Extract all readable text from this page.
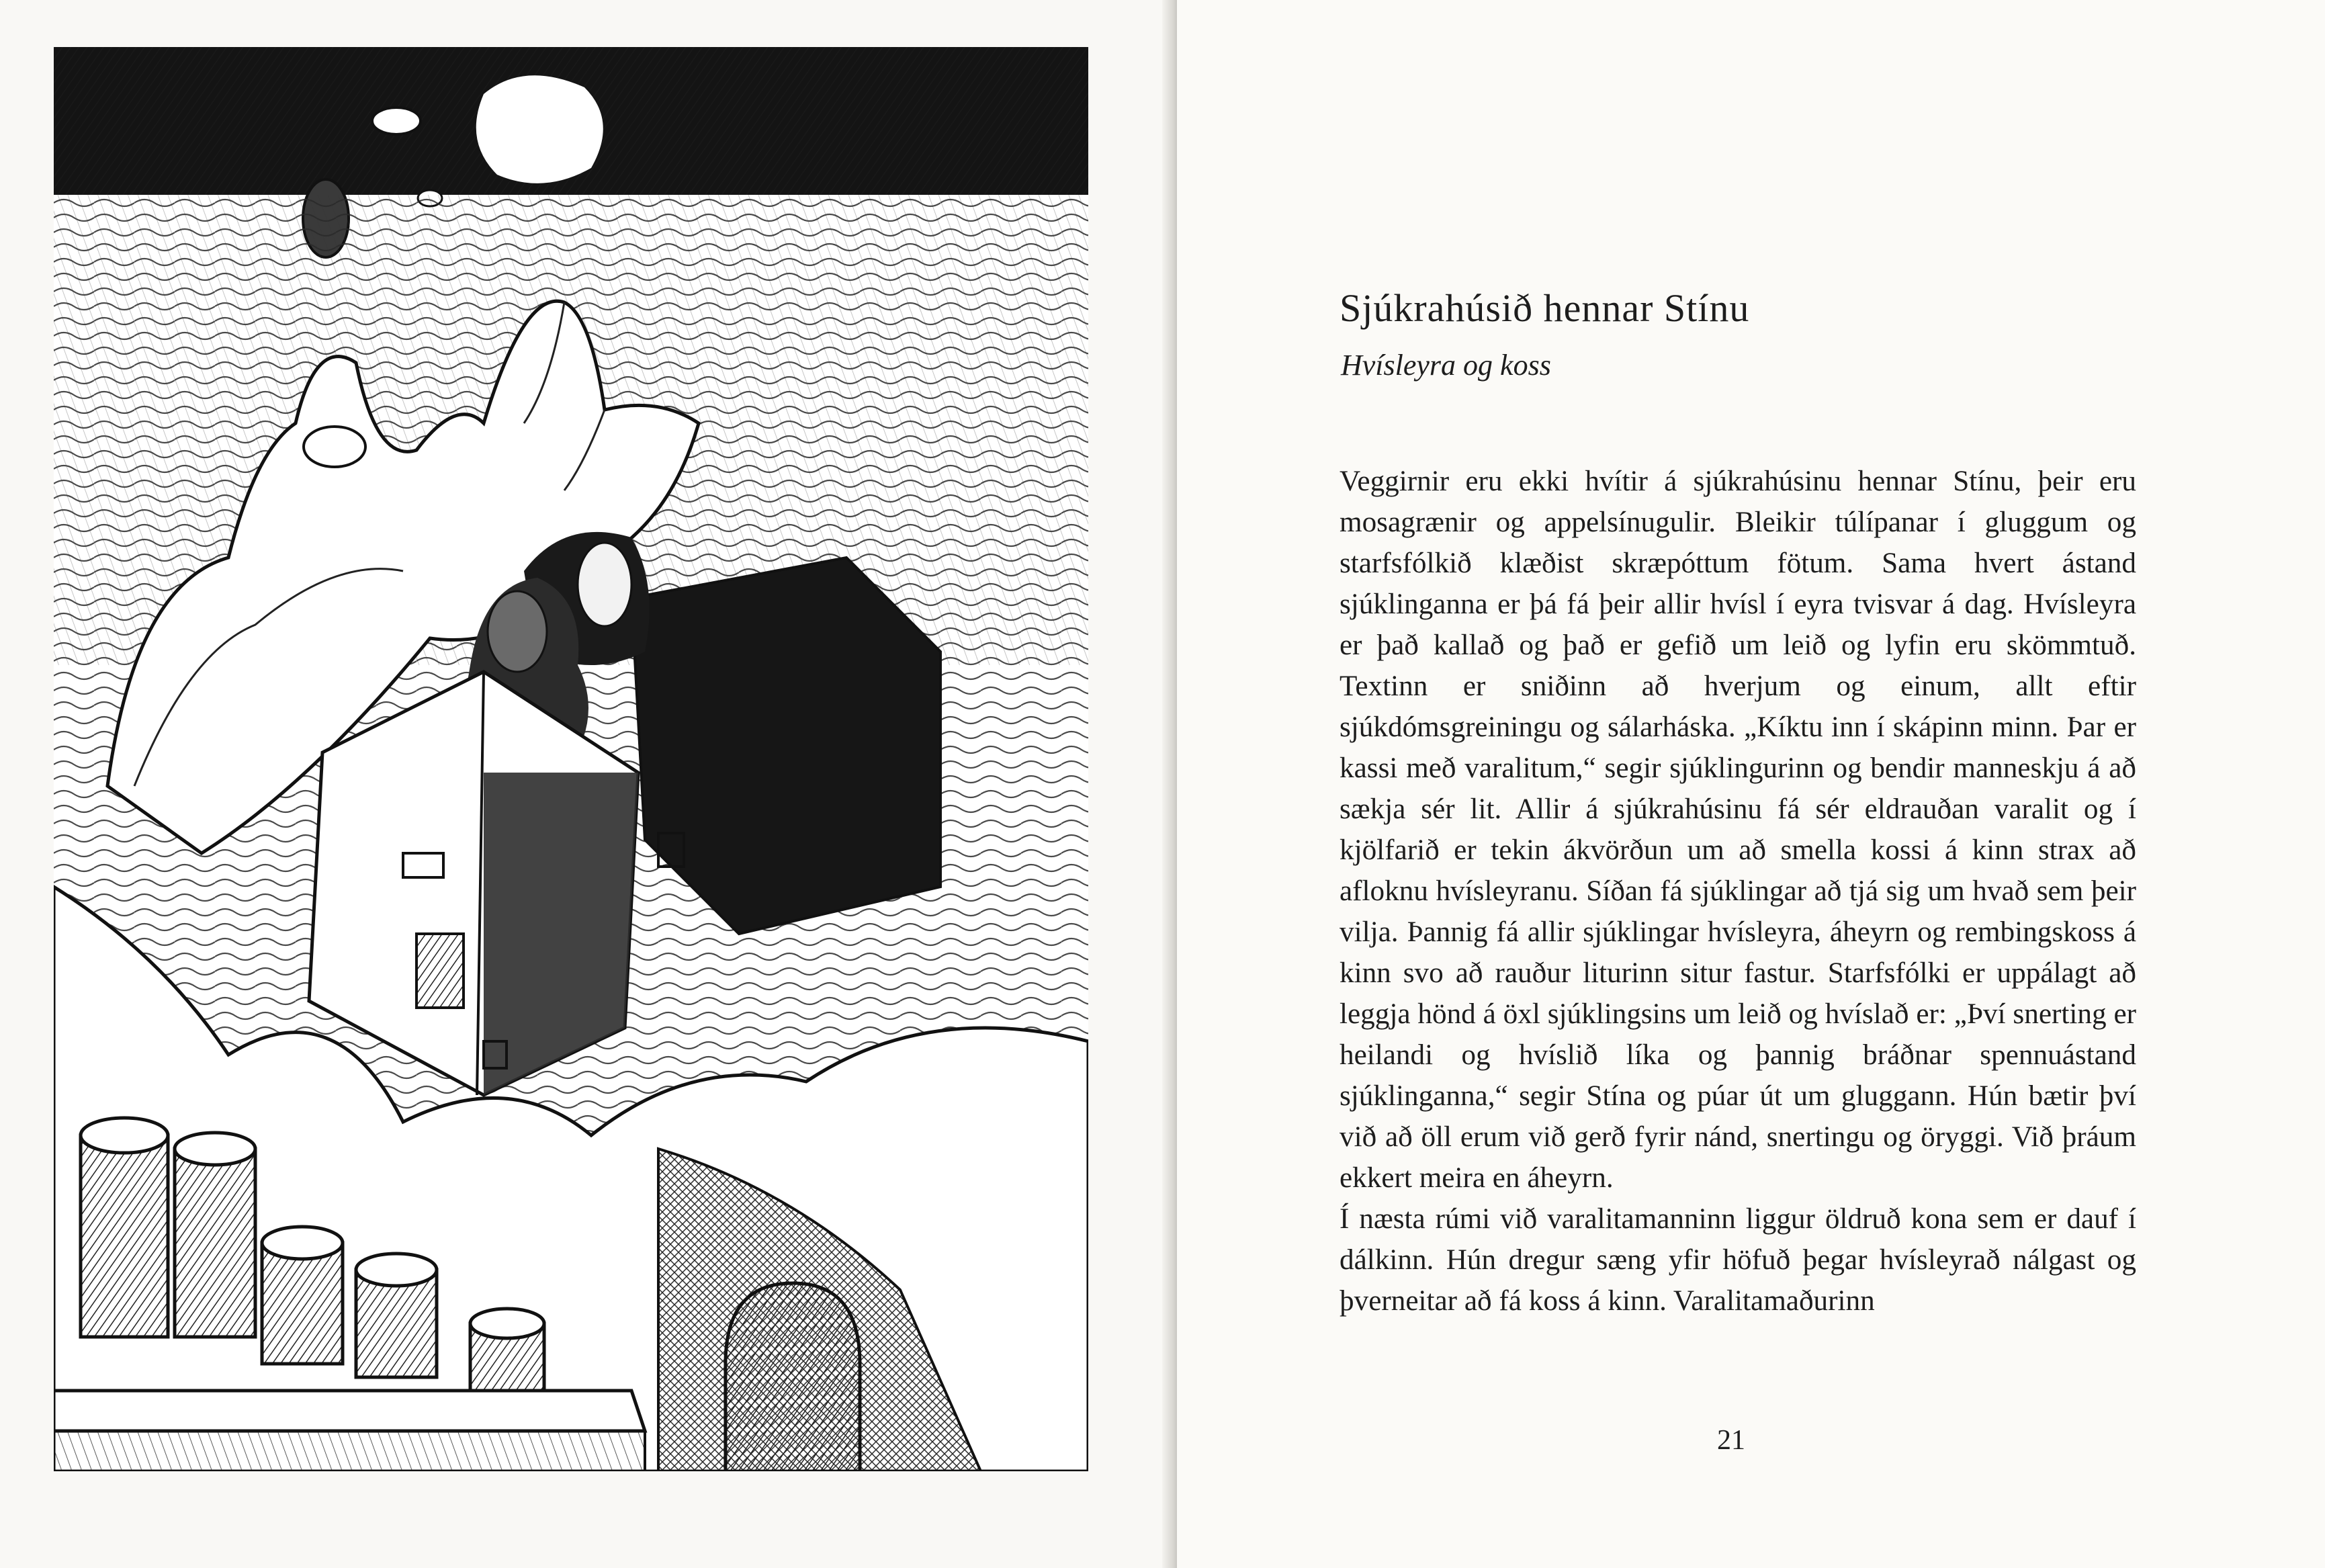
Sjúkrahúsið hennar Stínu
Hvísleyra og koss

Veggirnir eru ekki hvítir á sjúkrahúsinu hennar Stínu, þeir eru mosagrænir og appelsínugulir. Bleikir túlípanar í gluggum og starfsfólkið klæðist skræpóttum fötum. Sama hvert ástand sjúklinganna er þá fá þeir allir hvísl í eyra tvisvar á dag. Hvísleyra er það kallað og það er gefið um leið og lyfin eru skömmtuð. Textinn er sniðinn að hverjum og einum, allt eftir sjúkdómsgreiningu og sálarháska. „Kíktu inn í skápinn minn. Þar er kassi með varalitum,“ segir sjúklingurinn og bendir manneskju á að sækja sér lit. Allir á sjúkrahúsinu fá sér eldrauðan varalit og í kjölfarið er tekin ákvörðun um að smella kossi á kinn strax að afloknu hvísleyranu. Síðan fá sjúklingar að tjá sig um hvað sem þeir vilja. Þannig fá allir sjúklingar hvísleyra, áheyrn og rembingskoss á kinn svo að rauður liturinn situr fastur. Starfsfólki er uppálagt að leggja hönd á öxl sjúklingsins um leið og hvíslað er: „Því snerting er heilandi og hvíslið líka og þannig bráðnar spennuástand sjúklinganna,“ segir Stína og púar út um gluggann. Hún bætir því við að öll erum við gerð fyrir nánd, snertingu og öryggi. Við þráum ekkert meira en áheyrn.

Í næsta rúmi við varalitamanninn liggur öldruð kona sem er dauf í dálkinn. Hún dregur sæng yfir höfuð þegar hvísleyrað nálgast og þverneitar að fá koss á kinn. Varalitamaðurinn

21
